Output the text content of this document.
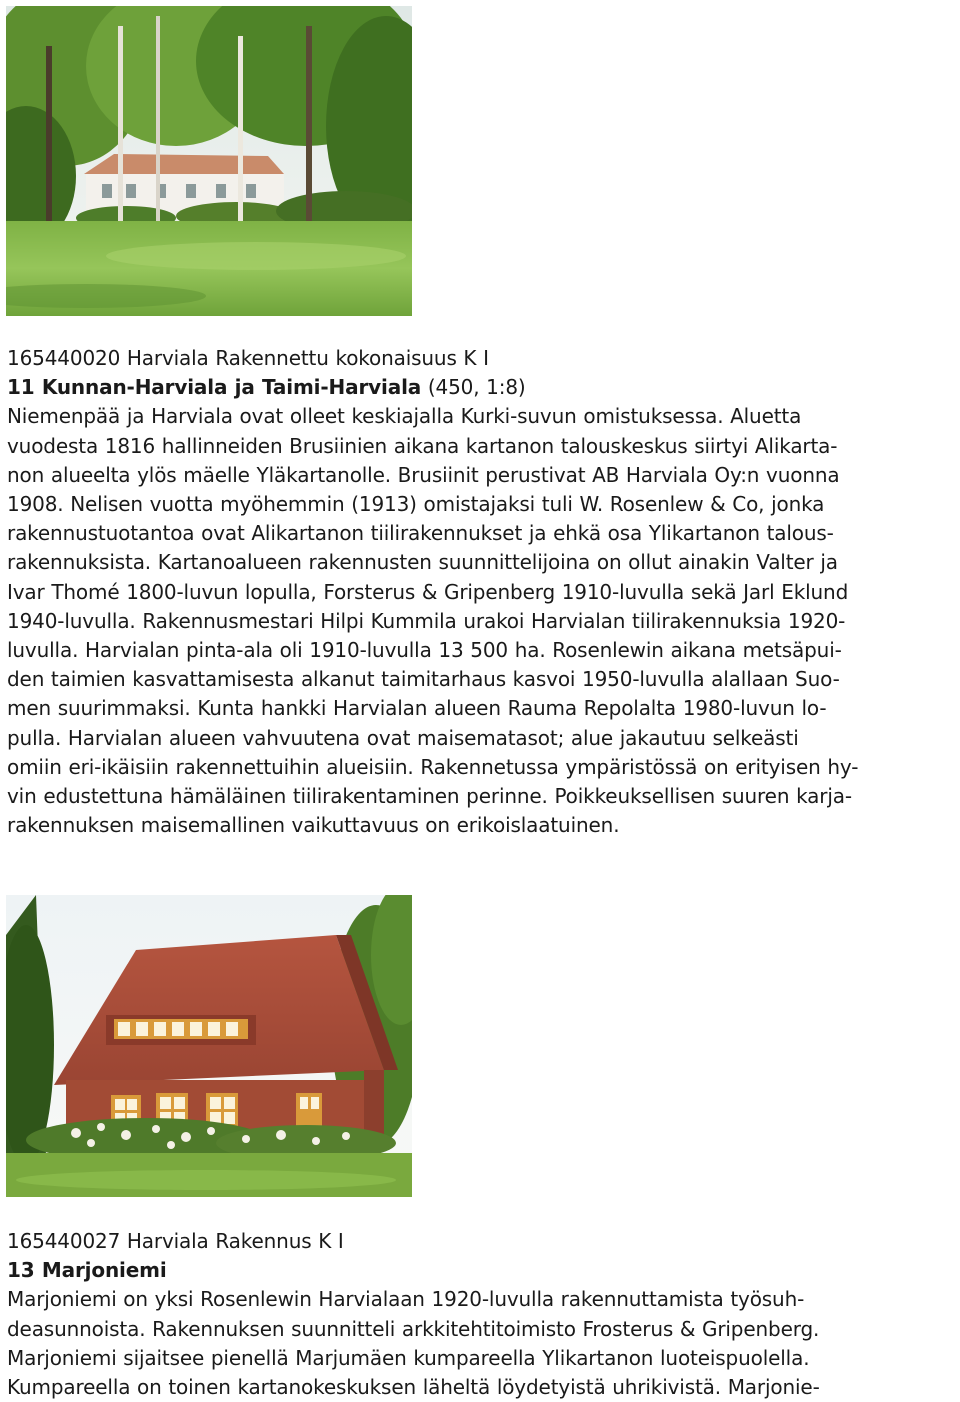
165440020 Harviala Rakennettu kokonaisuus K I
11 Kunnan-Harviala ja Taimi-Harviala (450, 1:8)

Niemenpää ja Harviala ovat olleet keskiajalla Kurki-suvun omistuksessa. Aluetta
vuodesta 1816 hallinneiden Brusiinien aikana kartanon talouskeskus siirtyi Alikarta-
non alueelta ylös mäelle Yläkartanolle. Brusiinit perustivat AB Harviala Oy:n vuonna
1908. Nelisen vuotta myöhemmin (1913) omistajaksi tuli W. Rosenlew & Co, jonka
rakennustuotantoa ovat Alikartanon tiilirakennukset ja ehkä osa Ylikartanon talous-
rakennuksista. Kartanoalueen rakennusten suunnittelijoina on ollut ainakin Valter ja
Ivar Thomé 1800-luvun lopulla, Forsterus & Gripenberg 1910-luvulla sekä Jarl Eklund
1940-luvulla. Rakennusmestari Hilpi Kummila urakoi Harvialan tiilirakennuksia 1920-
luvulla. Harvialan pinta-ala oli 1910-luvulla 13 500 ha. Rosenlewin aikana metsäpui-
den taimien kasvattamisesta alkanut taimitarhaus kasvoi 1950-luvulla alallaan Suo-
men suurimmaksi. Kunta hankki Harvialan alueen Rauma Repolalta 1980-luvun lo-
pulla. Harvialan alueen vahvuutena ovat maisematasot; alue jakautuu selkeästi
omiin eri-ikäisiin rakennettuihin alueisiin. Rakennetussa ympäristössä on erityisen hy-
vin edustettuna hämäläinen tiilirakentaminen perinne. Poikkeuksellisen suuren karja-
rakennuksen maisemallinen vaikuttavuus on erikoislaatuinen.

165440027 Harviala Rakennus K I
13 Marjoniemi

Marjoniemi on yksi Rosenlewin Harvialaan 1920-luvulla rakennuttamista työsuh-
deasunnoista. Rakennuksen suunnitteli arkkitehtitoimisto Frosterus & Gripenberg.
Marjoniemi sijaitsee pienellä Marjumäen kumpareella Ylikartanon luoteispuolella.
Kumpareella on toinen kartanokeskuksen läheltä löydetyistä uhrikivistä. Marjonie-
